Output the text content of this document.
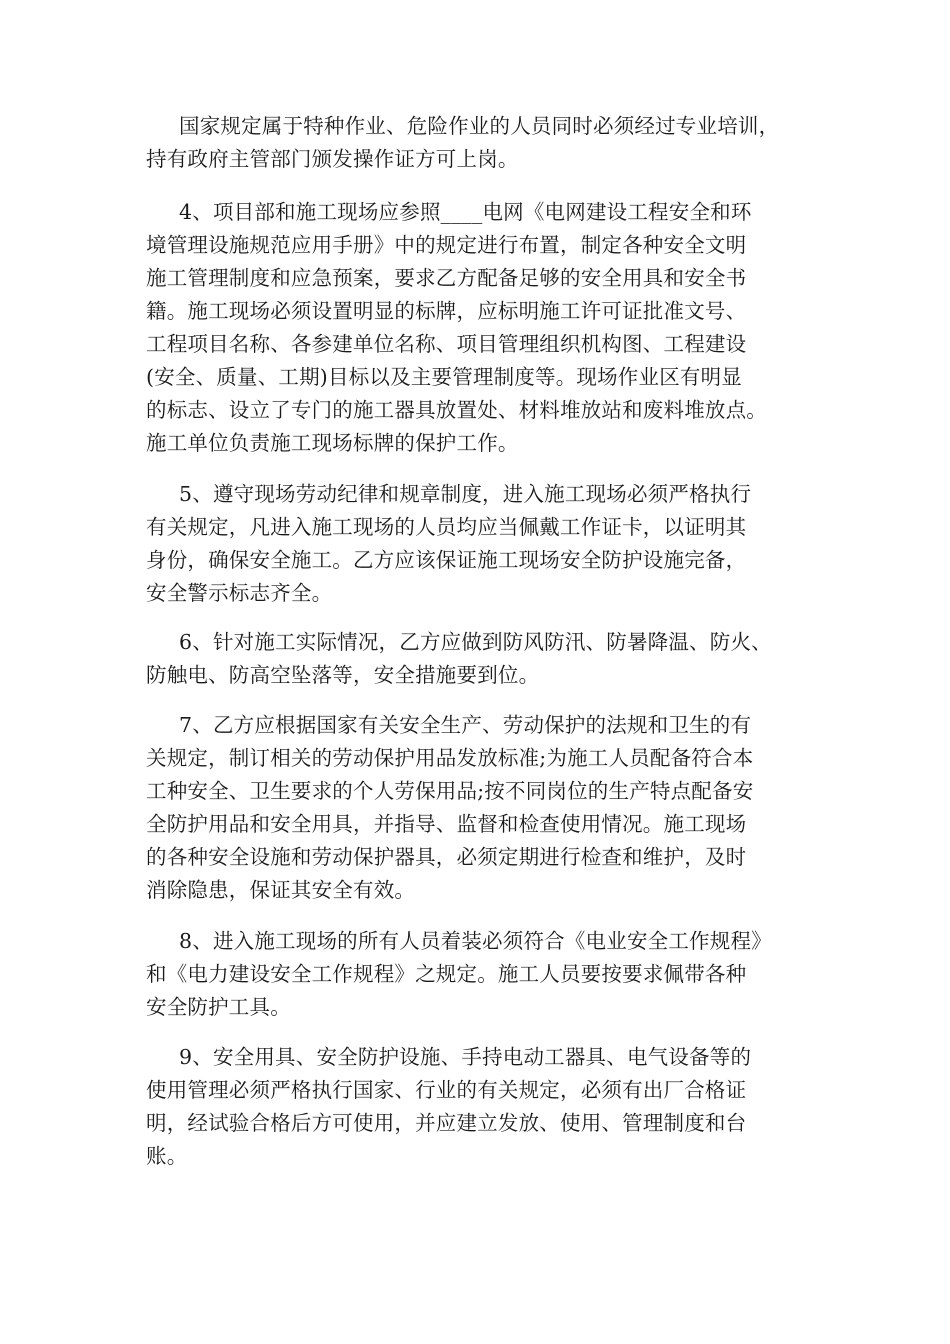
国家规定属于特种作业、危险作业的人员同时必须经过专业培训，
持有政府主管部门颁发操作证方可上岗。
4、项目部和施工现场应参照____电网《电网建设工程安全和环
境管理设施规范应用手册》中的规定进行布置，制定各种安全文明
施工管理制度和应急预案，要求乙方配备足够的安全用具和安全书
籍。施工现场必须设置明显的标牌，应标明施工许可证批准文号、
工程项目名称、各参建单位名称、项目管理组织机构图、工程建设
(安全、质量、工期)目标以及主要管理制度等。现场作业区有明显
的标志、设立了专门的施工器具放置处、材料堆放站和废料堆放点。
施工单位负责施工现场标牌的保护工作。
5、遵守现场劳动纪律和规章制度，进入施工现场必须严格执行
有关规定，凡进入施工现场的人员均应当佩戴工作证卡，以证明其
身份，确保安全施工。乙方应该保证施工现场安全防护设施完备，
安全警示标志齐全。
6、针对施工实际情况，乙方应做到防风防汛、防暑降温、防火、
防触电、防高空坠落等，安全措施要到位。
7、乙方应根据国家有关安全生产、劳动保护的法规和卫生的有
关规定，制订相关的劳动保护用品发放标准;为施工人员配备符合本
工种安全、卫生要求的个人劳保用品;按不同岗位的生产特点配备安
全防护用品和安全用具，并指导、监督和检查使用情况。施工现场
的各种安全设施和劳动保护器具，必须定期进行检查和维护，及时
消除隐患，保证其安全有效。
8、进入施工现场的所有人员着装必须符合《电业安全工作规程》
和《电力建设安全工作规程》之规定。施工人员要按要求佩带各种
安全防护工具。
9、安全用具、安全防护设施、手持电动工器具、电气设备等的
使用管理必须严格执行国家、行业的有关规定，必须有出厂合格证
明，经试验合格后方可使用，并应建立发放、使用、管理制度和台
账。
